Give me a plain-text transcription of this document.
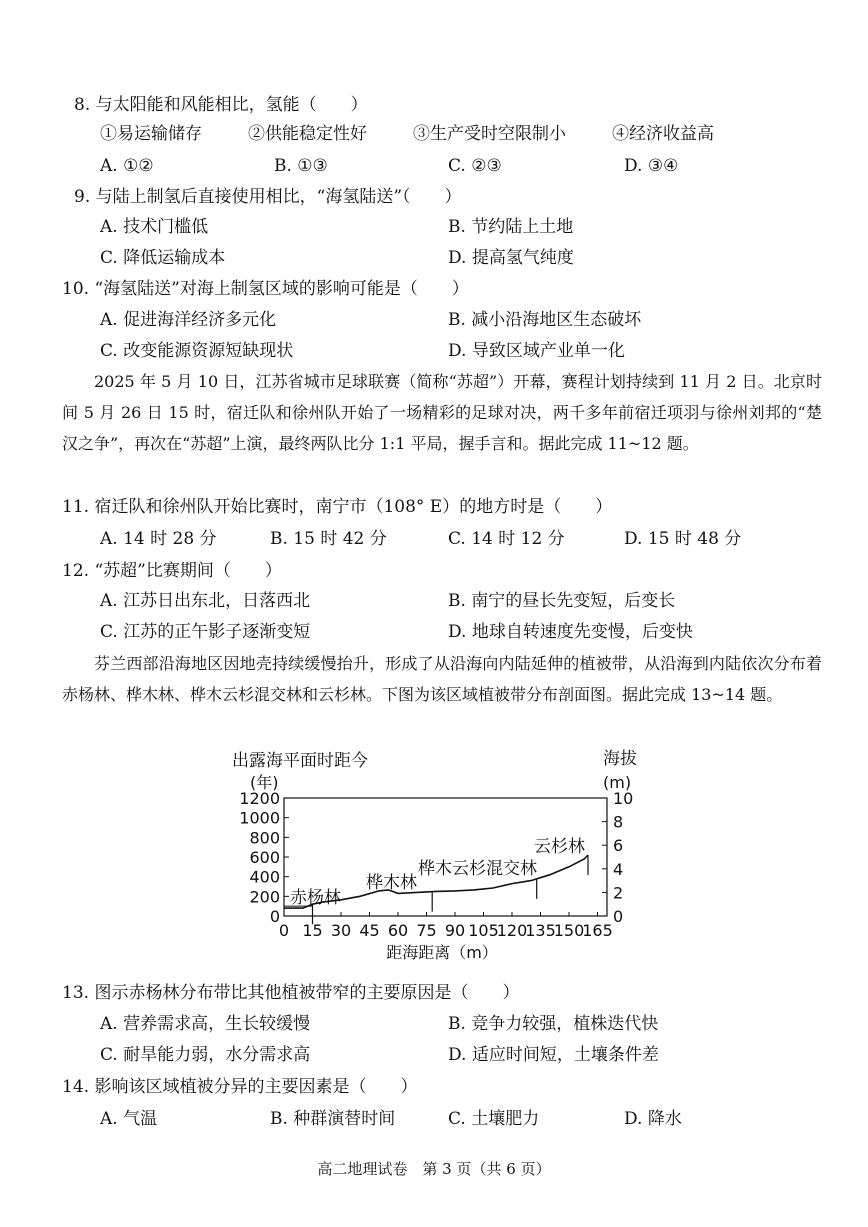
8. 与太阳能和风能相比，氢能（　　）
①易运输储存	②供能稳定性好	③生产受时空限制小	④经济收益高
A. ①②	B. ①③	C. ②③	D. ③④
9. 与陆上制氢后直接使用相比，“海氢陆送”（　　）
A. 技术门槛低	B. 节约陆上土地
C. 降低运输成本	D. 提高氢气纯度
10. “海氢陆送”对海上制氢区域的影响可能是（　　）
A. 促进海洋经济多元化	B. 减小沿海地区生态破坏
C. 改变能源资源短缺现状	D. 导致区域产业单一化
2025 年 5 月 10 日，江苏省城市足球联赛（简称“苏超”）开幕，赛程计划持续到 11 月 2 日。北京时间 5 月 26 日 15 时，宿迁队和徐州队开始了一场精彩的足球对决，两千多年前宿迁项羽与徐州刘邦的“楚汉之争”，再次在“苏超”上演，最终两队比分 1:1 平局，握手言和。据此完成 11~12 题。
11. 宿迁队和徐州队开始比赛时，南宁市（108° E）的地方时是（　　）
A. 14 时 28 分	B. 15 时 42 分	C. 14 时 12 分	D. 15 时 48 分
12. “苏超”比赛期间（　　）
A. 江苏日出东北，日落西北	B. 南宁的昼长先变短，后变长
C. 江苏的正午影子逐渐变短	D. 地球自转速度先变慢，后变快
芬兰西部沿海地区因地壳持续缓慢抬升，形成了从沿海向内陆延伸的植被带，从沿海到内陆依次分布着赤杨林、桦木林、桦木云杉混交林和云杉林。下图为该区域植被带分布剖面图。据此完成 13~14 题。
出露海平面时距今
(年)
海拔
(m)
距海距离（m）
0
200
400
600
800
1000
1200
0
2
4
6
8
10
0 15 30 45 60 75 90 105
120
135
150
165
赤杨林
桦木林
桦木云杉混交林
云杉林
13. 图示赤杨林分布带比其他植被带窄的主要原因是（　　）
A. 营养需求高，生长较缓慢	B. 竞争力较强，植株迭代快
C. 耐旱能力弱，水分需求高	D. 适应时间短，土壤条件差
14. 影响该区域植被分异的主要因素是（　　）
A. 气温	B. 种群演替时间	C. 土壤肥力	D. 降水
高二地理试卷　第 3 页（共 6 页）
